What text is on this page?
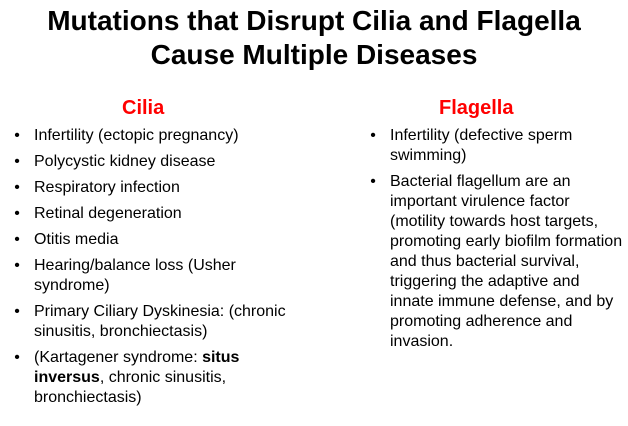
Mutations that Disrupt Cilia and Flagella
Cause Multiple Diseases
Cilia	Flagella
• Infertility (ectopic pregnancy)
• Polycystic kidney disease
• Respiratory infection
• Retinal degeneration
• Otitis media
• Hearing/balance loss (Usher syndrome)
• Primary Ciliary Dyskinesia: (chronic sinusitis, bronchiectasis)
• (Kartagener syndrome: situs inversus, chronic sinusitis, bronchiectasis)
• Infertility (defective sperm swimming)
• Bacterial flagellum are an important virulence factor (motility towards host targets, promoting early biofilm formation and thus bacterial survival, triggering the adaptive and innate immune defense, and by promoting adherence and invasion.
